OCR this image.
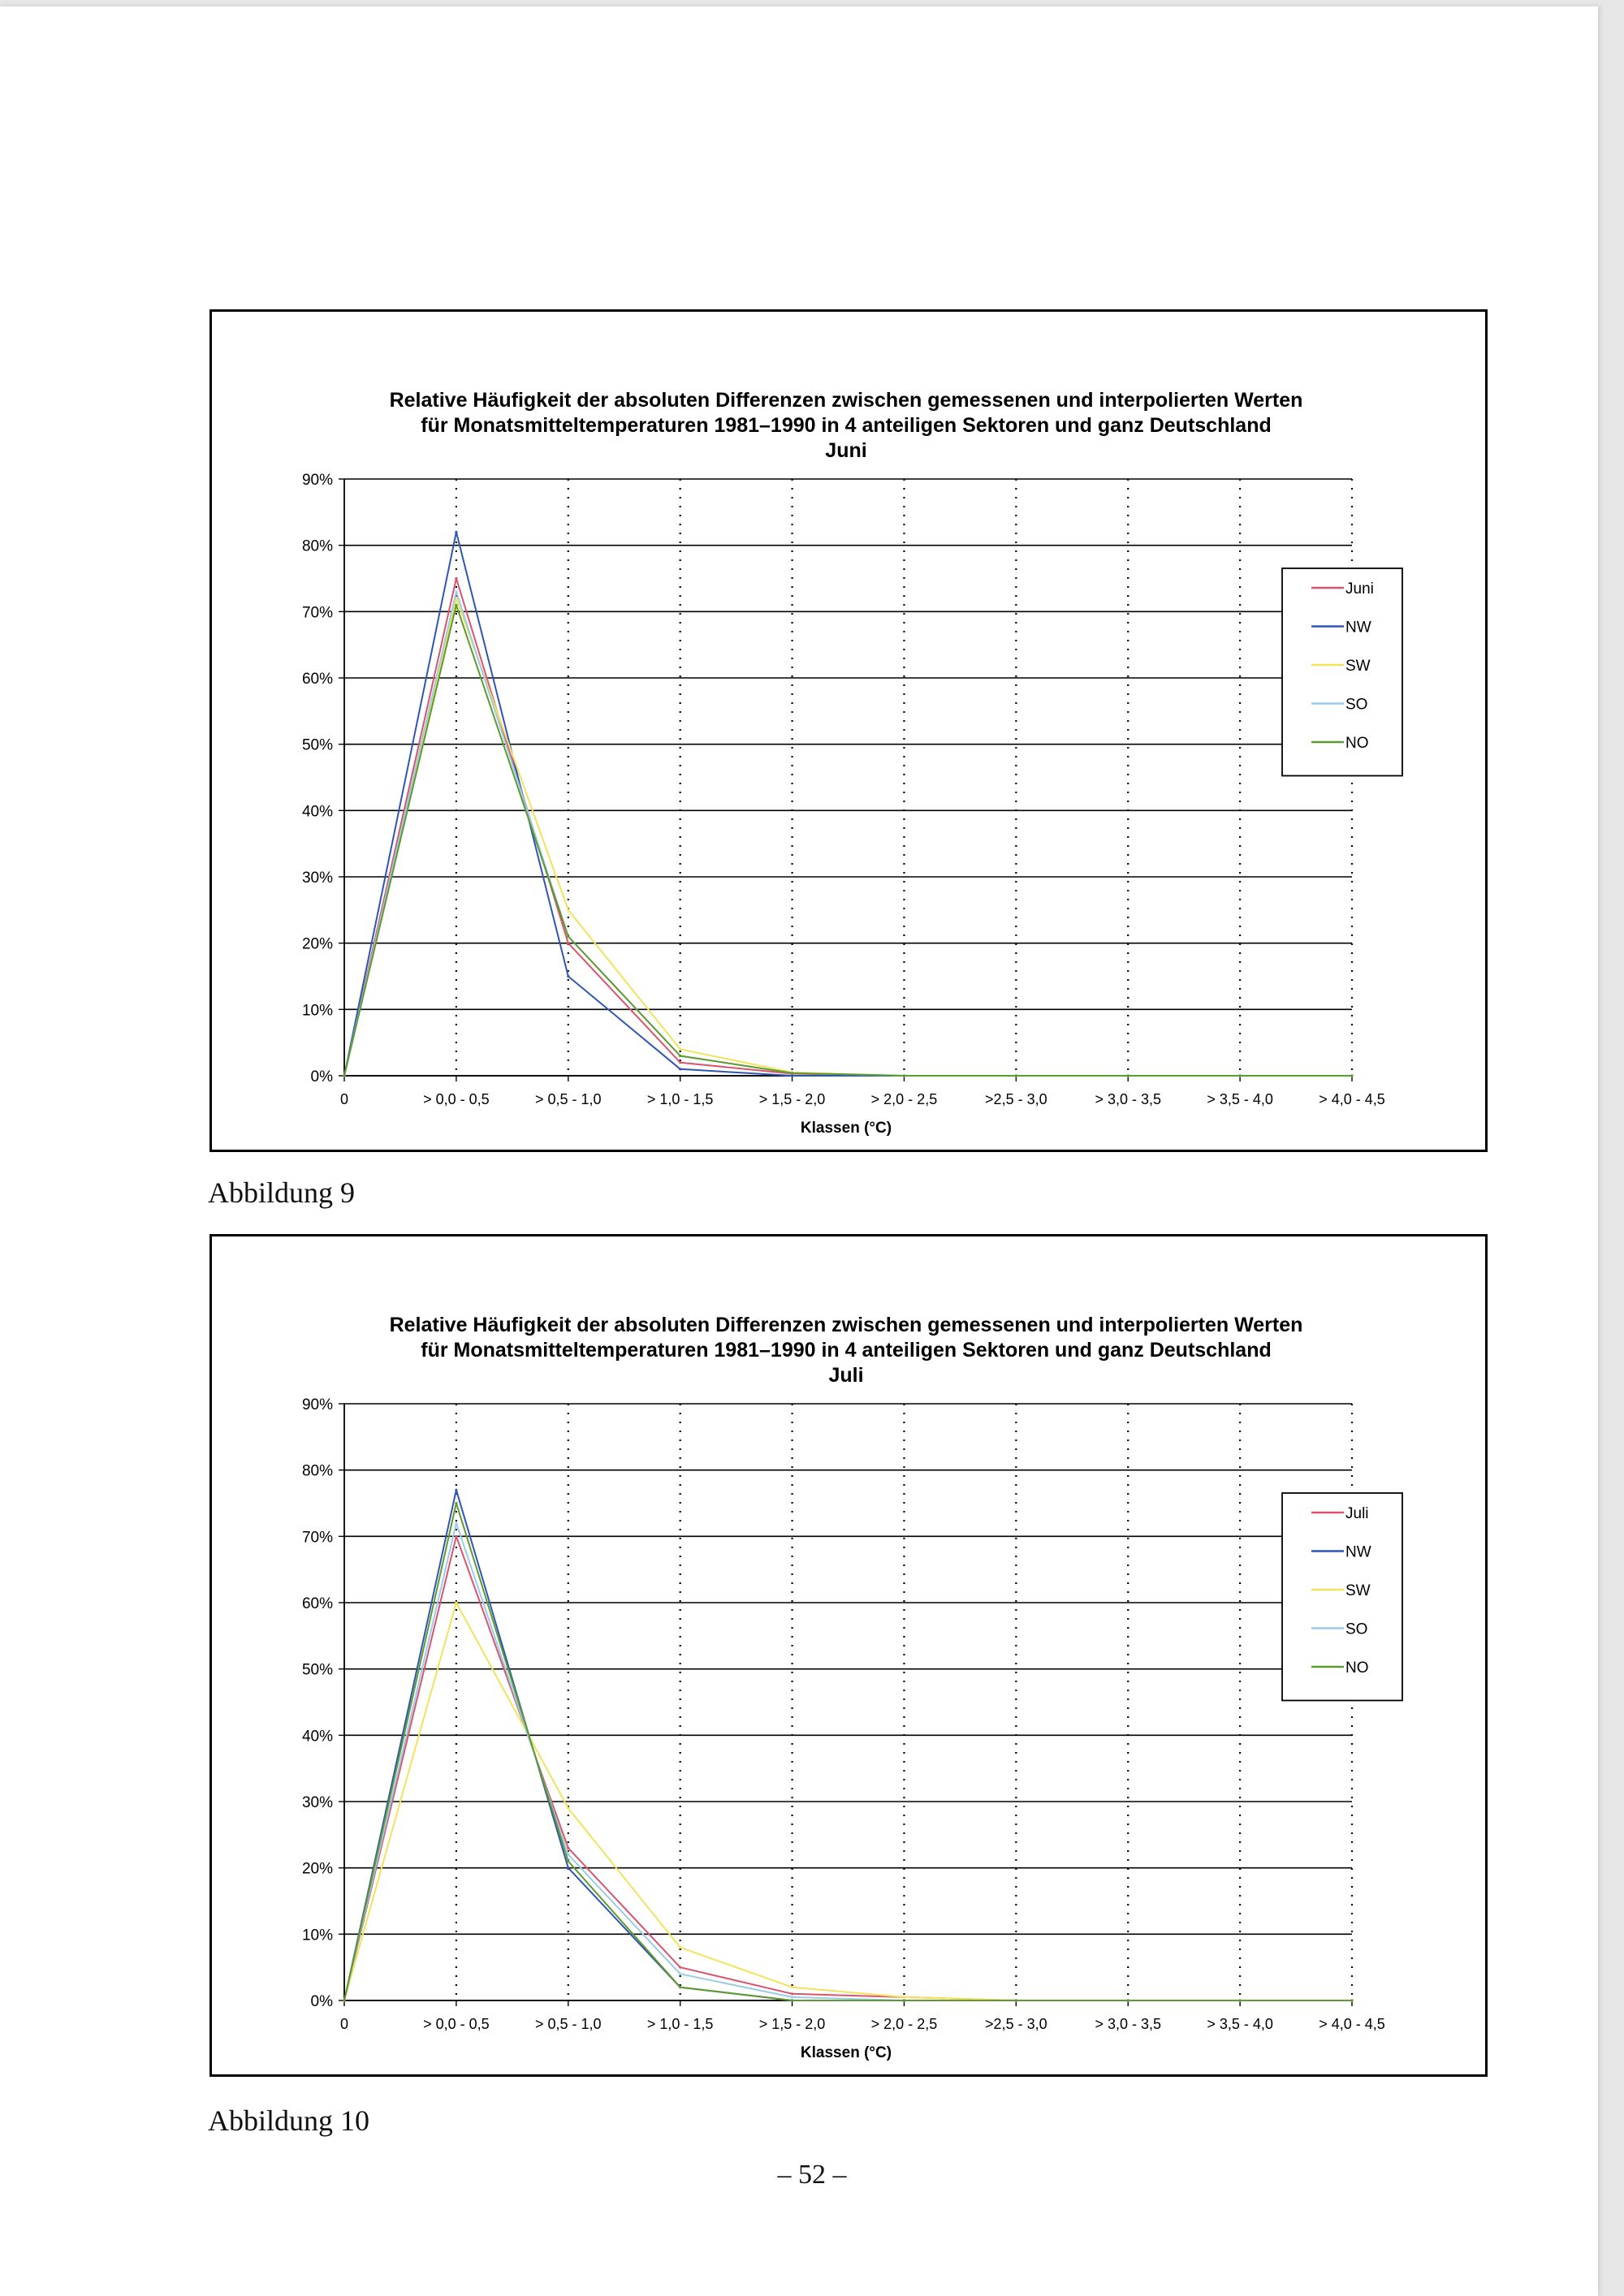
Relative Häufigkeit der absoluten Differenzen zwischen gemessenen und interpolierten Werten
für Monatsmitteltemperaturen 1981–1990 in 4 anteiligen Sektoren und ganz Deutschland
Juni
0%
10%
20%
30%
40%
50%
60%
70%
80%
90%
0	> 0,0 - 0,5	> 0,5 - 1,0	> 1,0 - 1,5	> 1,5 - 2,0	> 2,0 - 2,5	>2,5 - 3,0	> 3,0 - 3,5	> 3,5 - 4,0	> 4,0 - 4,5
Klassen (°C)
Juni
NW
SW
SO
NO
Abbildung 9
Relative Häufigkeit der absoluten Differenzen zwischen gemessenen und interpolierten Werten
für Monatsmitteltemperaturen 1981–1990 in 4 anteiligen Sektoren und ganz Deutschland
Juli
0%
10%
20%
30%
40%
50%
60%
70%
80%
90%
0	> 0,0 - 0,5	> 0,5 - 1,0	> 1,0 - 1,5	> 1,5 - 2,0	> 2,0 - 2,5	>2,5 - 3,0	> 3,0 - 3,5	> 3,5 - 4,0	> 4,0 - 4,5
Klassen (°C)
Juli
NW
SW
SO
NO
Abbildung 10
– 52 –
